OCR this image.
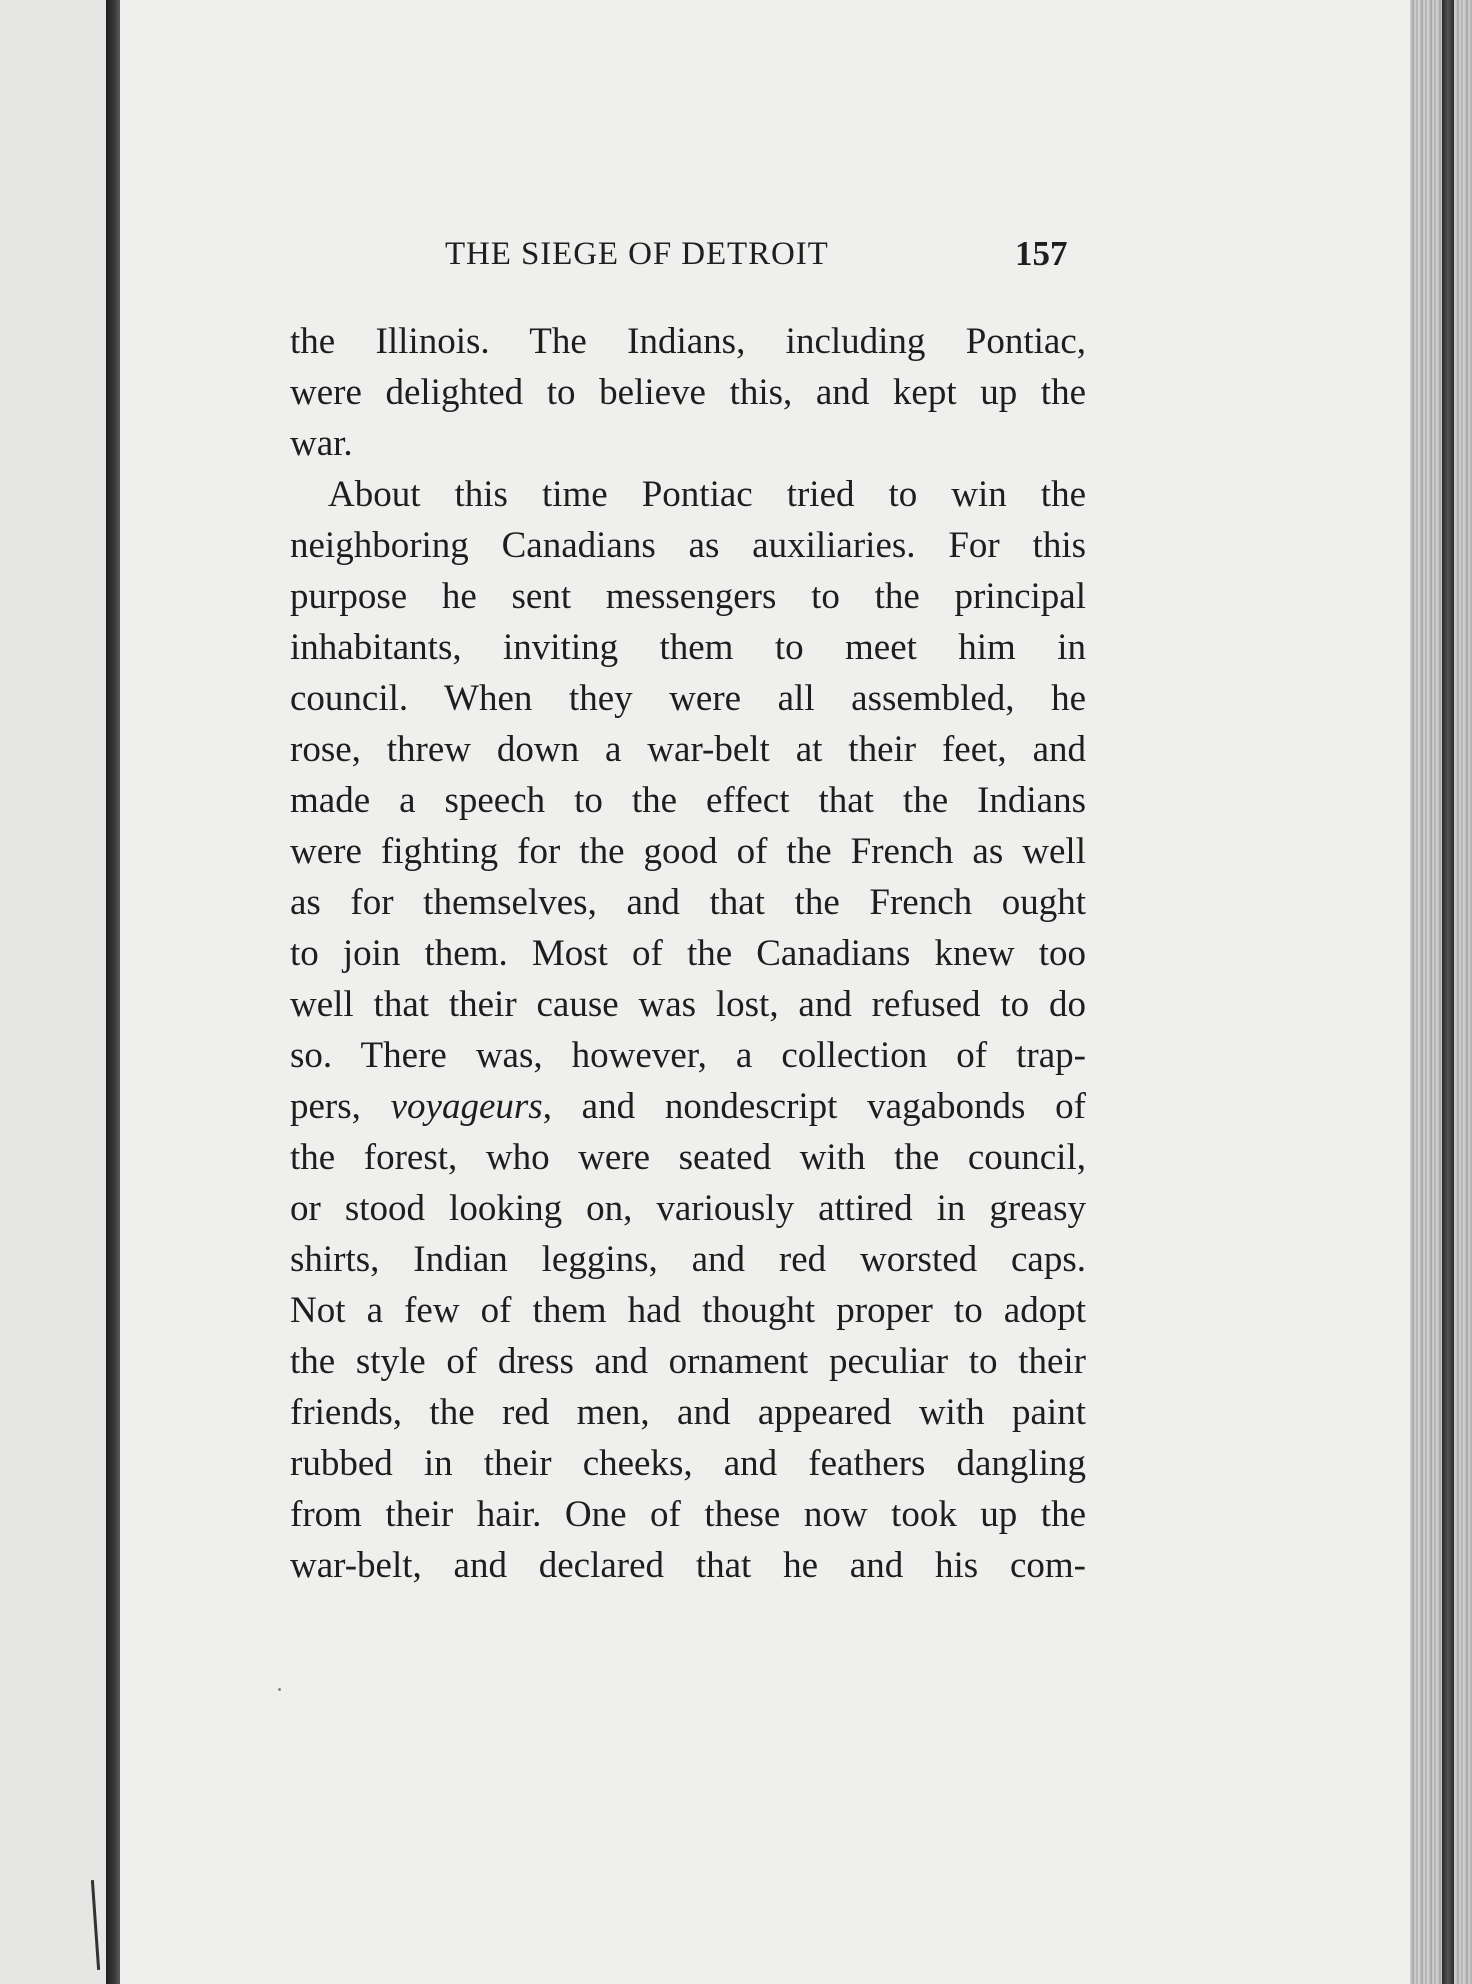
THE SIEGE OF DETROIT	157
the Illinois. The Indians, including Pontiac,
were delighted to believe this, and kept up the
war.
About this time Pontiac tried to win the
neighboring Canadians as auxiliaries. For this
purpose he sent messengers to the principal
inhabitants, inviting them to meet him in
council. When they were all assembled, he
rose, threw down a war-belt at their feet, and
made a speech to the effect that the Indians
were fighting for the good of the French as well
as for themselves, and that the French ought
to join them. Most of the Canadians knew too
well that their cause was lost, and refused to do
so. There was, however, a collection of trap-
pers, voyageurs, and nondescript vagabonds of
the forest, who were seated with the council,
or stood looking on, variously attired in greasy
shirts, Indian leggins, and red worsted caps.
Not a few of them had thought proper to adopt
the style of dress and ornament peculiar to their
friends, the red men, and appeared with paint
rubbed in their cheeks, and feathers dangling
from their hair. One of these now took up the
war-belt, and declared that he and his com-
